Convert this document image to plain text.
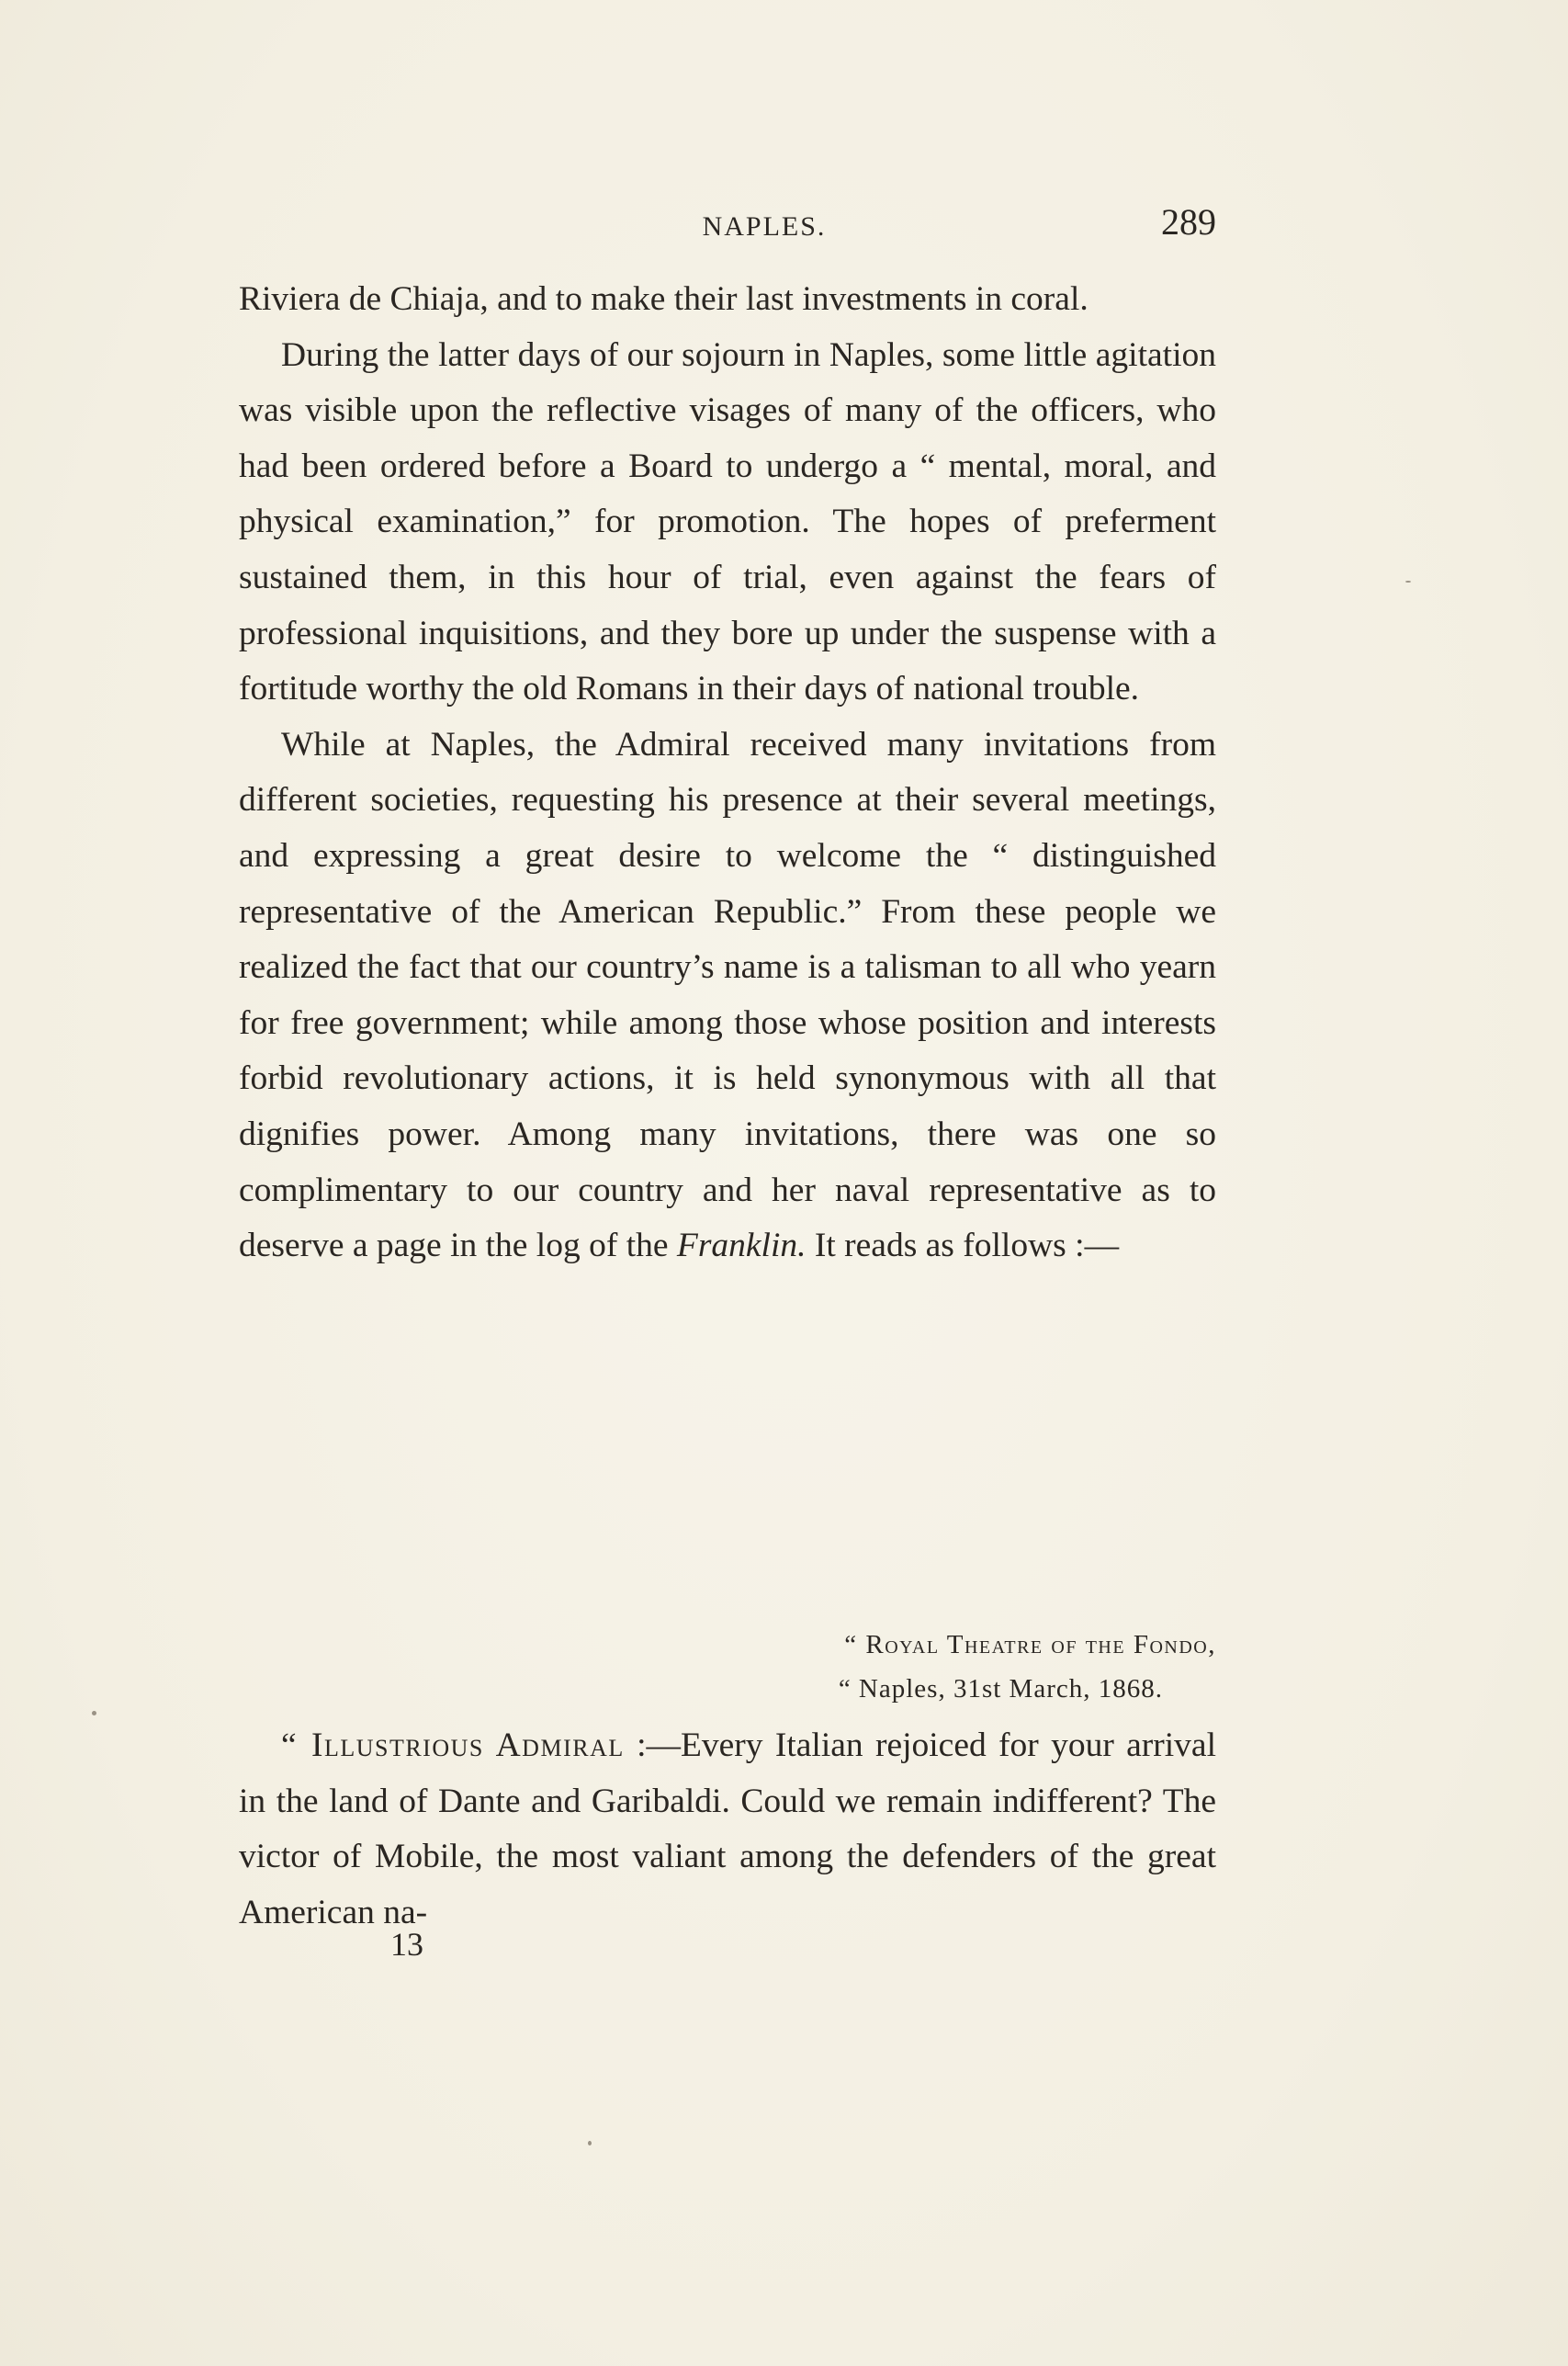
NAPLES.	289

Riviera de Chiaja, and to make their last investments in coral.

During the latter days of our sojourn in Naples, some little agitation was visible upon the reflective visages of many of the officers, who had been ordered before a Board to undergo a “ mental, moral, and physical examination,” for promotion. The hopes of preferment sustained them, in this hour of trial, even against the fears of professional inquisitions, and they bore up under the suspense with a fortitude worthy the old Romans in their days of national trouble.

While at Naples, the Admiral received many invitations from different societies, requesting his presence at their several meetings, and expressing a great desire to welcome the “ distinguished representative of the American Republic.” From these people we realized the fact that our country’s name is a talisman to all who yearn for free government; while among those whose position and interests forbid revolutionary actions, it is held synonymous with all that dignifies power. Among many invitations, there was one so complimentary to our country and her naval representative as to deserve a page in the log of the Franklin. It reads as follows :—

“ Royal Theatre of the Fondo,
“ Naples, 31st March, 1868.

“ Illustrious Admiral :—Every Italian rejoiced for your arrival in the land of Dante and Garibaldi. Could we remain indifferent? The victor of Mobile, the most valiant among the defenders of the great American na-

13
